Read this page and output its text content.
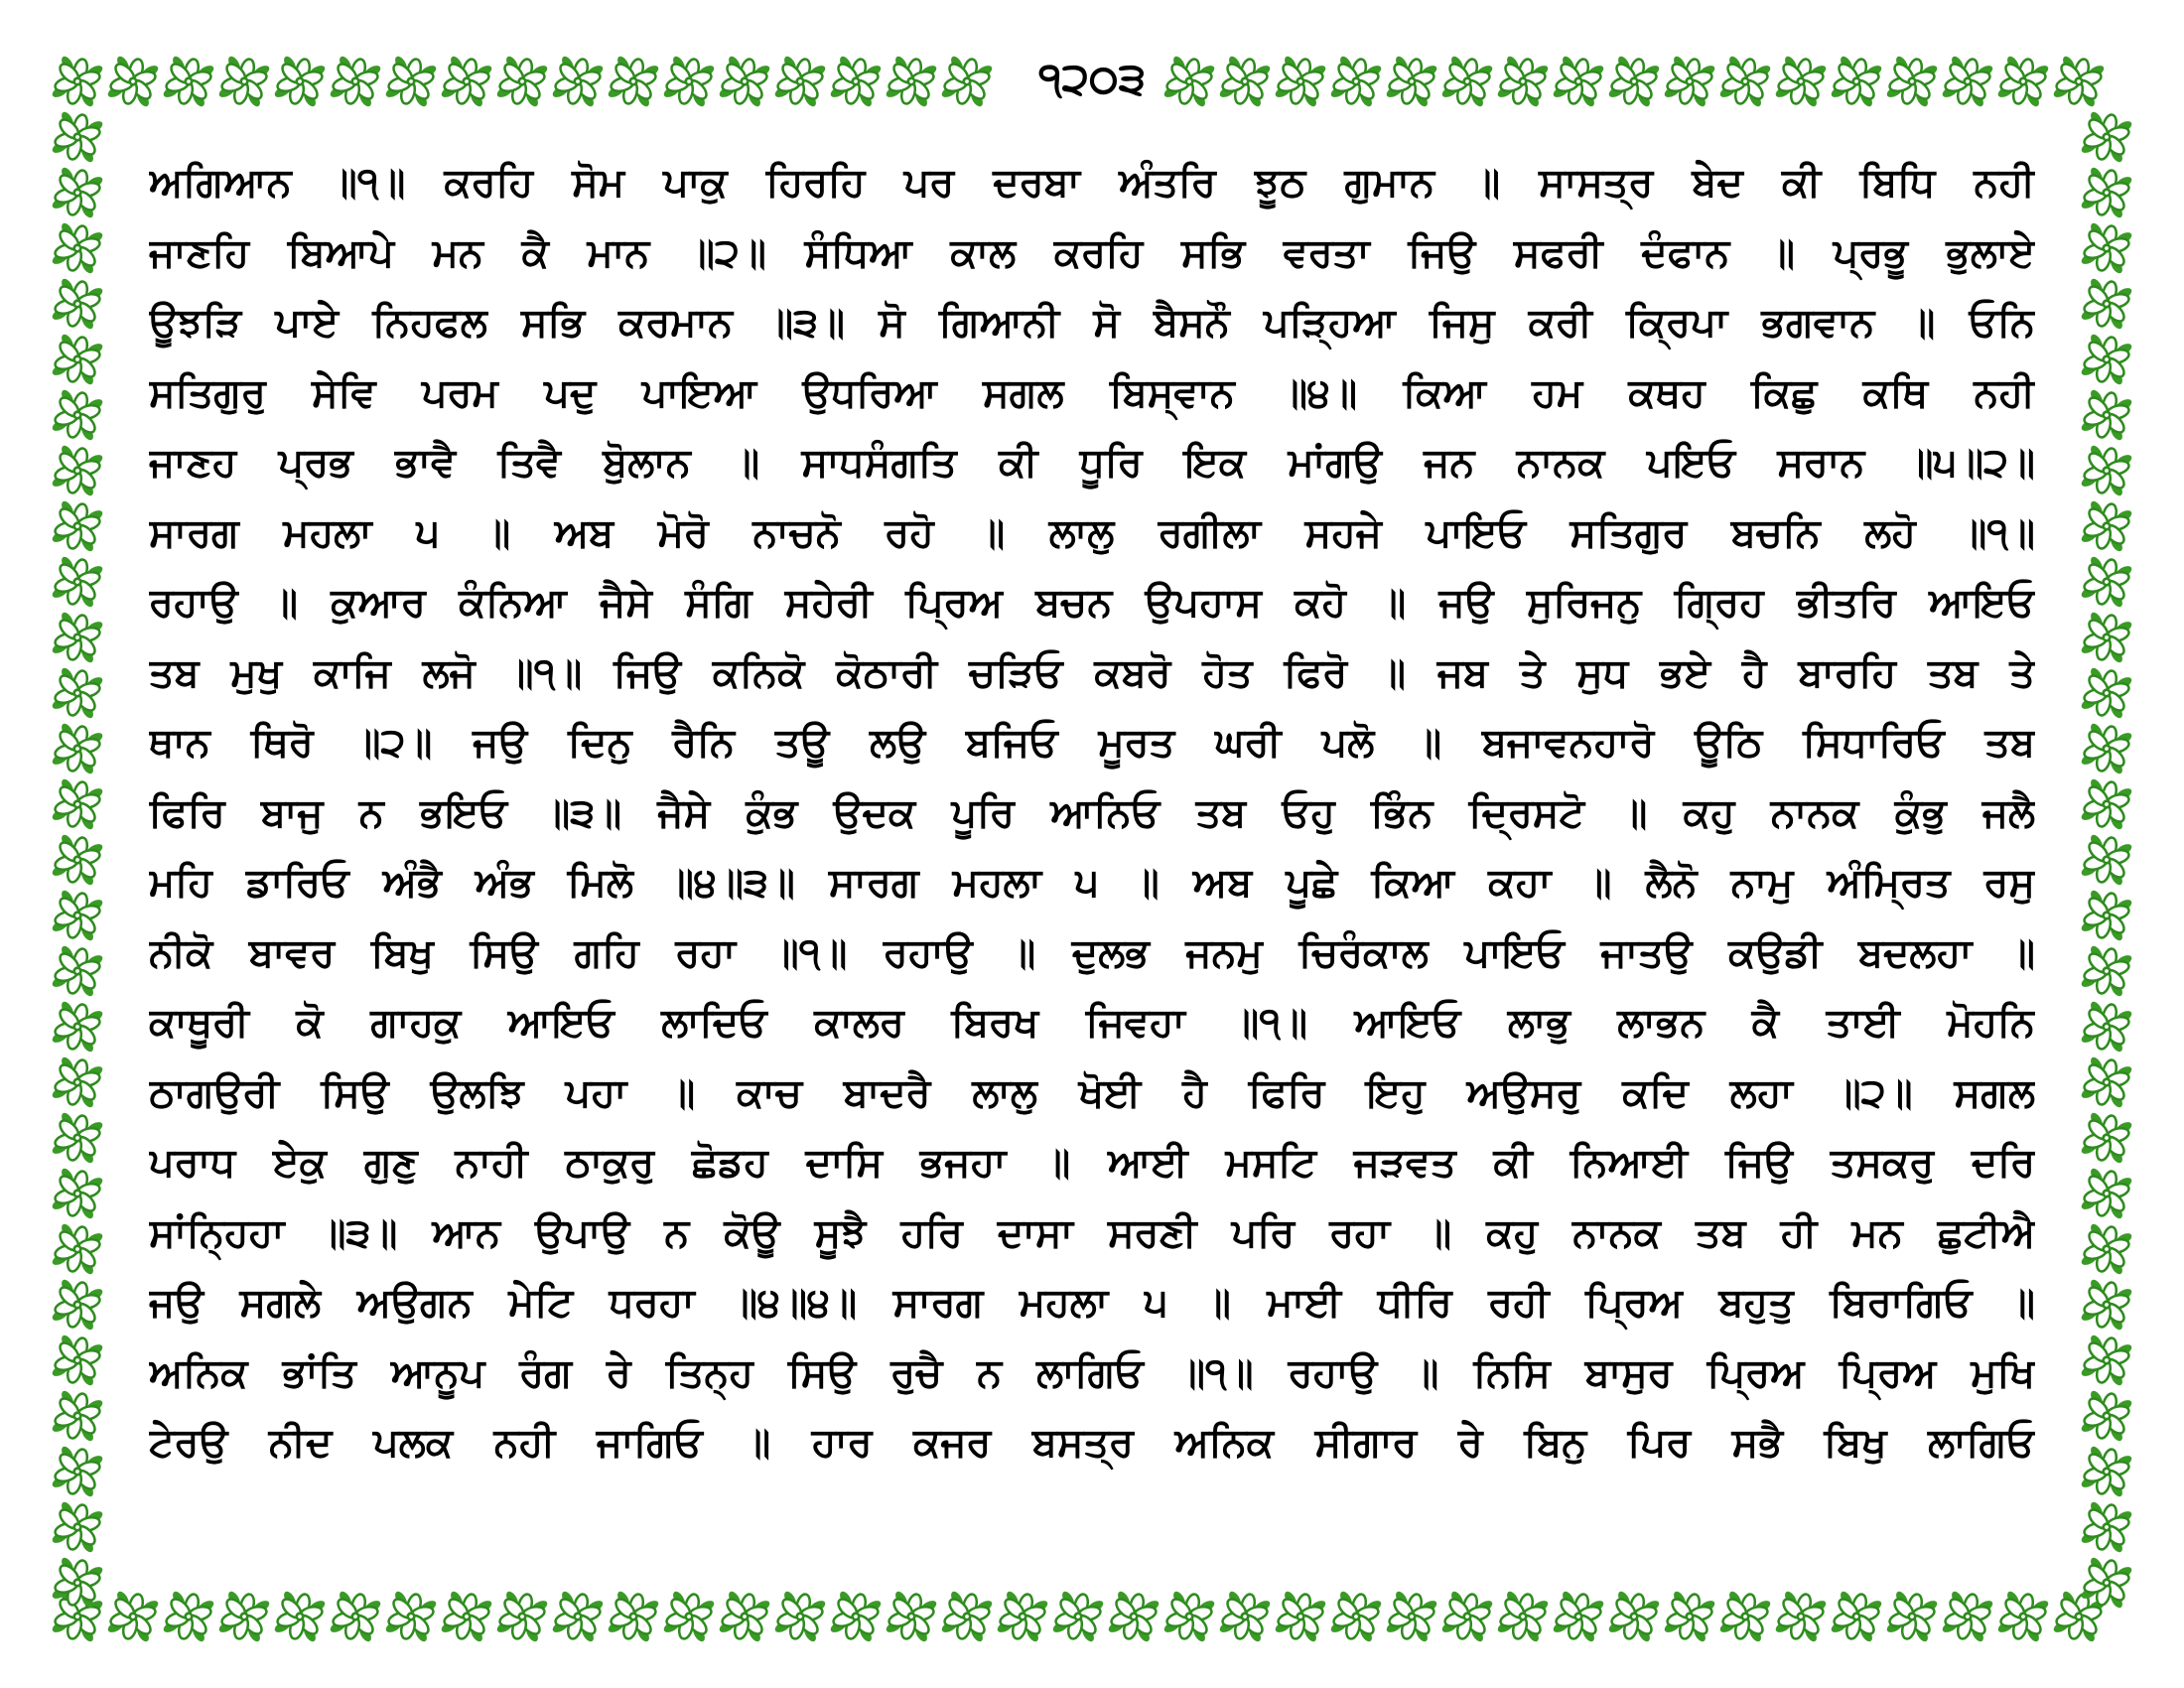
੧੨੦੩
ਅਗਿਆਨ ॥੧॥ ਕਰਹਿ ਸੋਮ ਪਾਕੁ ਹਿਰਹਿ ਪਰ ਦਰਬਾ ਅੰਤਰਿ ਝੂਠ ਗੁਮਾਨ ॥ ਸਾਸਤ੍ਰ ਬੇਦ ਕੀ ਬਿਧਿ ਨਹੀ
ਜਾਣਹਿ ਬਿਆਪੇ ਮਨ ਕੈ ਮਾਨ ॥੨॥ ਸੰਧਿਆ ਕਾਲ ਕਰਹਿ ਸਭਿ ਵਰਤਾ ਜਿਉ ਸਫਰੀ ਦੰਫਾਨ ॥ ਪ੍ਰਭੂ ਭੁਲਾਏ
ਊਝੜਿ ਪਾਏ ਨਿਹਫਲ ਸਭਿ ਕਰਮਾਨ ॥੩॥ ਸੋ ਗਿਆਨੀ ਸੋ ਬੈਸਨੌ ਪੜ੍ਹਿਆ ਜਿਸੁ ਕਰੀ ਕ੍ਰਿਪਾ ਭਗਵਾਨ ॥ ਓਨਿ
ਸਤਿਗੁਰੁ ਸੇਵਿ ਪਰਮ ਪਦੁ ਪਾਇਆ ਉਧਰਿਆ ਸਗਲ ਬਿਸ੍ਵਾਨ ॥੪॥ ਕਿਆ ਹਮ ਕਥਹ ਕਿਛੁ ਕਥਿ ਨਹੀ
ਜਾਣਹ ਪ੍ਰਭ ਭਾਵੈ ਤਿਵੈ ਬੋੁਲਾਨ ॥ ਸਾਧਸੰਗਤਿ ਕੀ ਧੂਰਿ ਇਕ ਮਾਂਗਉ ਜਨ ਨਾਨਕ ਪਇਓ ਸਰਾਨ ॥੫॥੨॥
ਸਾਰਗ ਮਹਲਾ ੫ ॥ ਅਬ ਮੋਰੋ ਨਾਚਨੋ ਰਹੋ ॥ ਲਾਲੁ ਰਗੀਲਾ ਸਹਜੇ ਪਾਇਓ ਸਤਿਗੁਰ ਬਚਨਿ ਲਹੋ ॥੧॥
ਰਹਾਉ ॥ ਕੁਆਰ ਕੰਨਿਆ ਜੈਸੇ ਸੰਗਿ ਸਹੇਰੀ ਪ੍ਰਿਅ ਬਚਨ ਉਪਹਾਸ ਕਹੋ ॥ ਜਉ ਸੁਰਿਜਨੁ ਗ੍ਰਿਹ ਭੀਤਰਿ ਆਇਓ
ਤਬ ਮੁਖੁ ਕਾਜਿ ਲਜੋ ॥੧॥ ਜਿਉ ਕਨਿਕੋ ਕੋਠਾਰੀ ਚੜਿਓ ਕਬਰੋ ਹੋਤ ਫਿਰੋ ॥ ਜਬ ਤੇ ਸੁਧ ਭਏ ਹੈ ਬਾਰਹਿ ਤਬ ਤੇ
ਥਾਨ ਥਿਰੋ ॥੨॥ ਜਉ ਦਿਨੁ ਰੈਨਿ ਤਊ ਲਉ ਬਜਿਓ ਮੂਰਤ ਘਰੀ ਪਲੋ ॥ ਬਜਾਵਨਹਾਰੋ ਊਠਿ ਸਿਧਾਰਿਓ ਤਬ
ਫਿਰਿ ਬਾਜੁ ਨ ਭਇਓ ॥੩॥ ਜੈਸੇ ਕੁੰਭ ਉਦਕ ਪੂਰਿ ਆਨਿਓ ਤਬ ਓਹੁ ਭਿੰਨ ਦ੍ਰਿਸਟੋ ॥ ਕਹੁ ਨਾਨਕ ਕੁੰਭੁ ਜਲੈ
ਮਹਿ ਡਾਰਿਓ ਅੰਭੈ ਅੰਭ ਮਿਲੋ ॥੪॥੩॥ ਸਾਰਗ ਮਹਲਾ ੫ ॥ ਅਬ ਪੂਛੇ ਕਿਆ ਕਹਾ ॥ ਲੈਨੋ ਨਾਮੁ ਅੰਮ੍ਰਿਤ ਰਸੁ
ਨੀਕੋ ਬਾਵਰ ਬਿਖੁ ਸਿਉ ਗਹਿ ਰਹਾ ॥੧॥ ਰਹਾਉ ॥ ਦੁਲਭ ਜਨਮੁ ਚਿਰੰਕਾਲ ਪਾਇਓ ਜਾਤਉ ਕਉਡੀ ਬਦਲਹਾ ॥
ਕਾਥੂਰੀ ਕੋ ਗਾਹਕੁ ਆਇਓ ਲਾਦਿਓ ਕਾਲਰ ਬਿਰਖ ਜਿਵਹਾ ॥੧॥ ਆਇਓ ਲਾਭੁ ਲਾਭਨ ਕੈ ਤਾਈ ਮੋਹਨਿ
ਠਾਗਉਰੀ ਸਿਉ ਉਲਝਿ ਪਹਾ ॥ ਕਾਚ ਬਾਦਰੈ ਲਾਲੁ ਖੋਈ ਹੈ ਫਿਰਿ ਇਹੁ ਅਉਸਰੁ ਕਦਿ ਲਹਾ ॥੨॥ ਸਗਲ
ਪਰਾਧ ਏਕੁ ਗੁਣੁ ਨਾਹੀ ਠਾਕੁਰੁ ਛੋਡਹ ਦਾਸਿ ਭਜਹਾ ॥ ਆਈ ਮਸਟਿ ਜੜਵਤ ਕੀ ਨਿਆਈ ਜਿਉ ਤਸਕਰੁ ਦਰਿ
ਸਾਂਨ੍ਹਿਹਾ ॥੩॥ ਆਨ ਉਪਾਉ ਨ ਕੋਊ ਸੂਝੈ ਹਰਿ ਦਾਸਾ ਸਰਣੀ ਪਰਿ ਰਹਾ ॥ ਕਹੁ ਨਾਨਕ ਤਬ ਹੀ ਮਨ ਛੁਟੀਐ
ਜਉ ਸਗਲੇ ਅਉਗਨ ਮੇਟਿ ਧਰਹਾ ॥੪॥੪॥ ਸਾਰਗ ਮਹਲਾ ੫ ॥ ਮਾਈ ਧੀਰਿ ਰਹੀ ਪ੍ਰਿਅ ਬਹੁਤੁ ਬਿਰਾਗਿਓ ॥
ਅਨਿਕ ਭਾਂਤਿ ਆਨੂਪ ਰੰਗ ਰੇ ਤਿਨ੍ਹ ਸਿਉ ਰੁਚੈ ਨ ਲਾਗਿਓ ॥੧॥ ਰਹਾਉ ॥ ਨਿਸਿ ਬਾਸੁਰ ਪ੍ਰਿਅ ਪ੍ਰਿਅ ਮੁਖਿ
ਟੇਰਉ ਨੀਦ ਪਲਕ ਨਹੀ ਜਾਗਿਓ ॥ ਹਾਰ ਕਜਰ ਬਸਤ੍ਰ ਅਨਿਕ ਸੀਗਾਰ ਰੇ ਬਿਨੁ ਪਿਰ ਸਭੈ ਬਿਖੁ ਲਾਗਿਓ
